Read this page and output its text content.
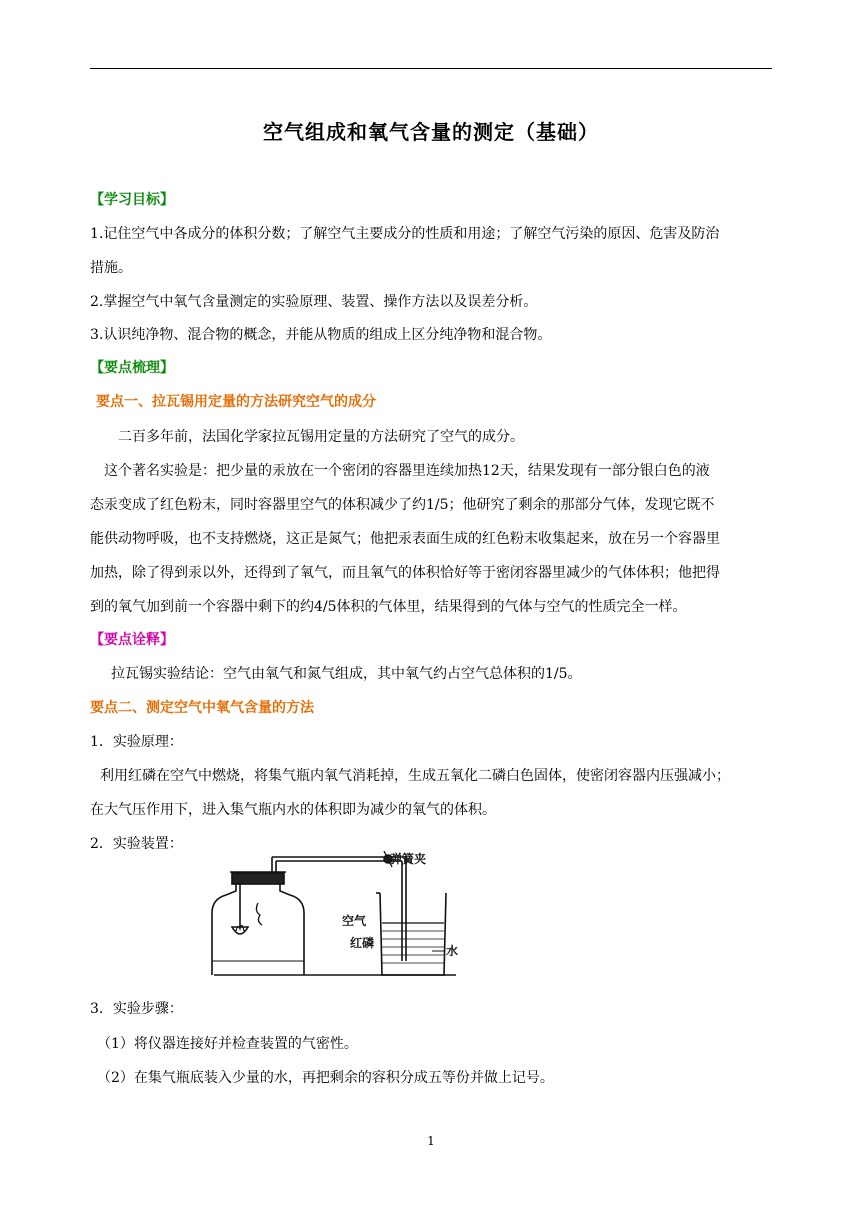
空气组成和氧气含量的测定（基础）
【学习目标】
1.记住空气中各成分的体积分数；了解空气主要成分的性质和用途；了解空气污染的原因、危害及防治
措施。
2.掌握空气中氧气含量测定的实验原理、装置、操作方法以及误差分析。
3.认识纯净物、混合物的概念，并能从物质的组成上区分纯净物和混合物。
【要点梳理】
要点一、拉瓦锡用定量的方法研究空气的成分
二百多年前，法国化学家拉瓦锡用定量的方法研究了空气的成分。
这个著名实验是：把少量的汞放在一个密闭的容器里连续加热12天，结果发现有一部分银白色的液
态汞变成了红色粉末，同时容器里空气的体积减少了约1/5；他研究了剩余的那部分气体，发现它既不
能供动物呼吸，也不支持燃烧，这正是氮气；他把汞表面生成的红色粉末收集起来，放在另一个容器里
加热，除了得到汞以外，还得到了氧气，而且氧气的体积恰好等于密闭容器里减少的气体体积；他把得
到的氧气加到前一个容器中剩下的约4/5体积的气体里，结果得到的气体与空气的性质完全一样。
【要点诠释】
拉瓦锡实验结论：空气由氧气和氮气组成，其中氧气约占空气总体积的1/5。
要点二、测定空气中氧气含量的方法
1．实验原理：
利用红磷在空气中燃烧，将集气瓶内氧气消耗掉，生成五氧化二磷白色固体，使密闭容器内压强减小；
在大气压作用下，进入集气瓶内水的体积即为减少的氧气的体积。
2．实验装置：
弹簧夹
空气
红磷
水
3．实验步骤：
（1）将仪器连接好并检查装置的气密性。
（2）在集气瓶底装入少量的水，再把剩余的容积分成五等份并做上记号。
1
